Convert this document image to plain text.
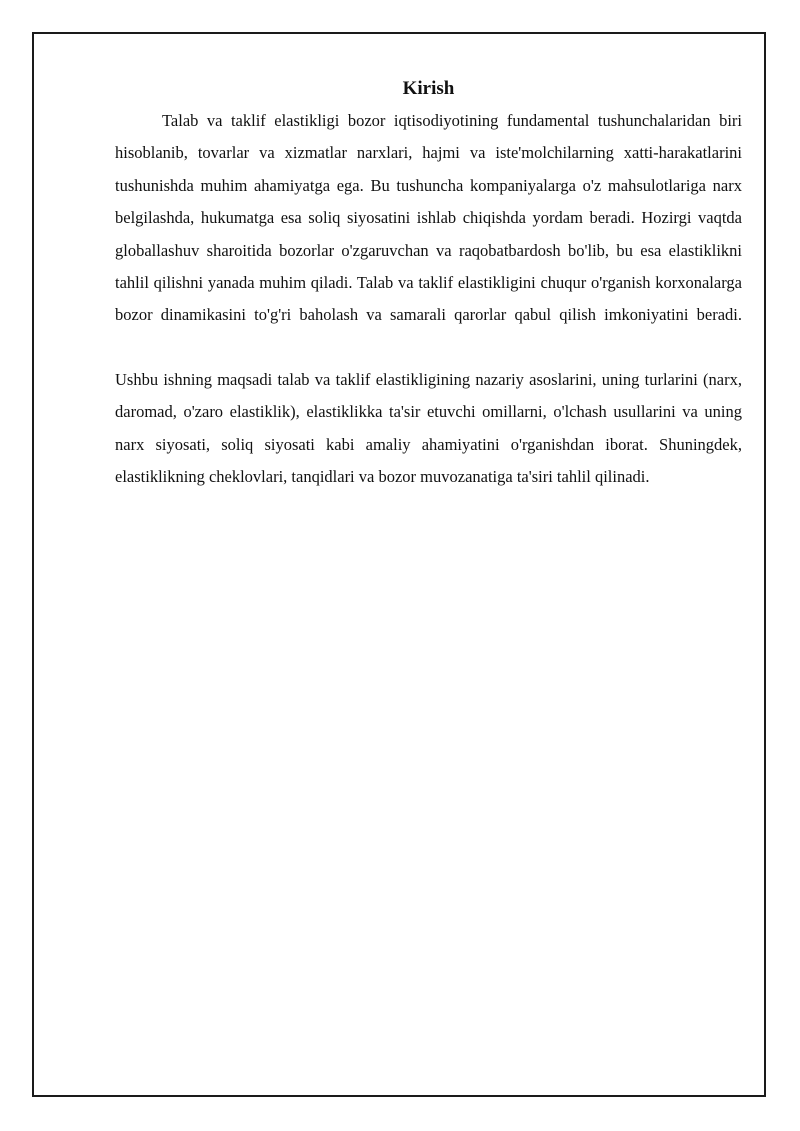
Kirish

Talab va taklif elastikligi bozor iqtisodiyotining fundamental tushunchalaridan biri hisoblanib, tovarlar va xizmatlar narxlari, hajmi va iste'molchilarning xatti-harakatlarini tushunishda muhim ahamiyatga ega. Bu tushuncha kompaniyalarga o'z mahsulotlariga narx belgilashda, hukumatga esa soliq siyosatini ishlab chiqishda yordam beradi. Hozirgi vaqtda globallashuv sharoitida bozorlar o'zgaruvchan va raqobatbardosh bo'lib, bu esa elastiklikni tahlil qilishni yanada muhim qiladi. Talab va taklif elastikligini chuqur o'rganish korxonalarga bozor dinamikasini to'g'ri baholash va samarali qarorlar qabul qilish imkoniyatini beradi.

Ushbu ishning maqsadi talab va taklif elastikligining nazariy asoslarini, uning turlarini (narx, daromad, o'zaro elastiklik), elastiklikka ta'sir etuvchi omillarni, o'lchash usullarini va uning narx siyosati, soliq siyosati kabi amaliy ahamiyatini o'rganishdan iborat. Shuningdek, elastiklikning cheklovlari, tanqidlari va bozor muvozanatiga ta'siri tahlil qilinadi.
